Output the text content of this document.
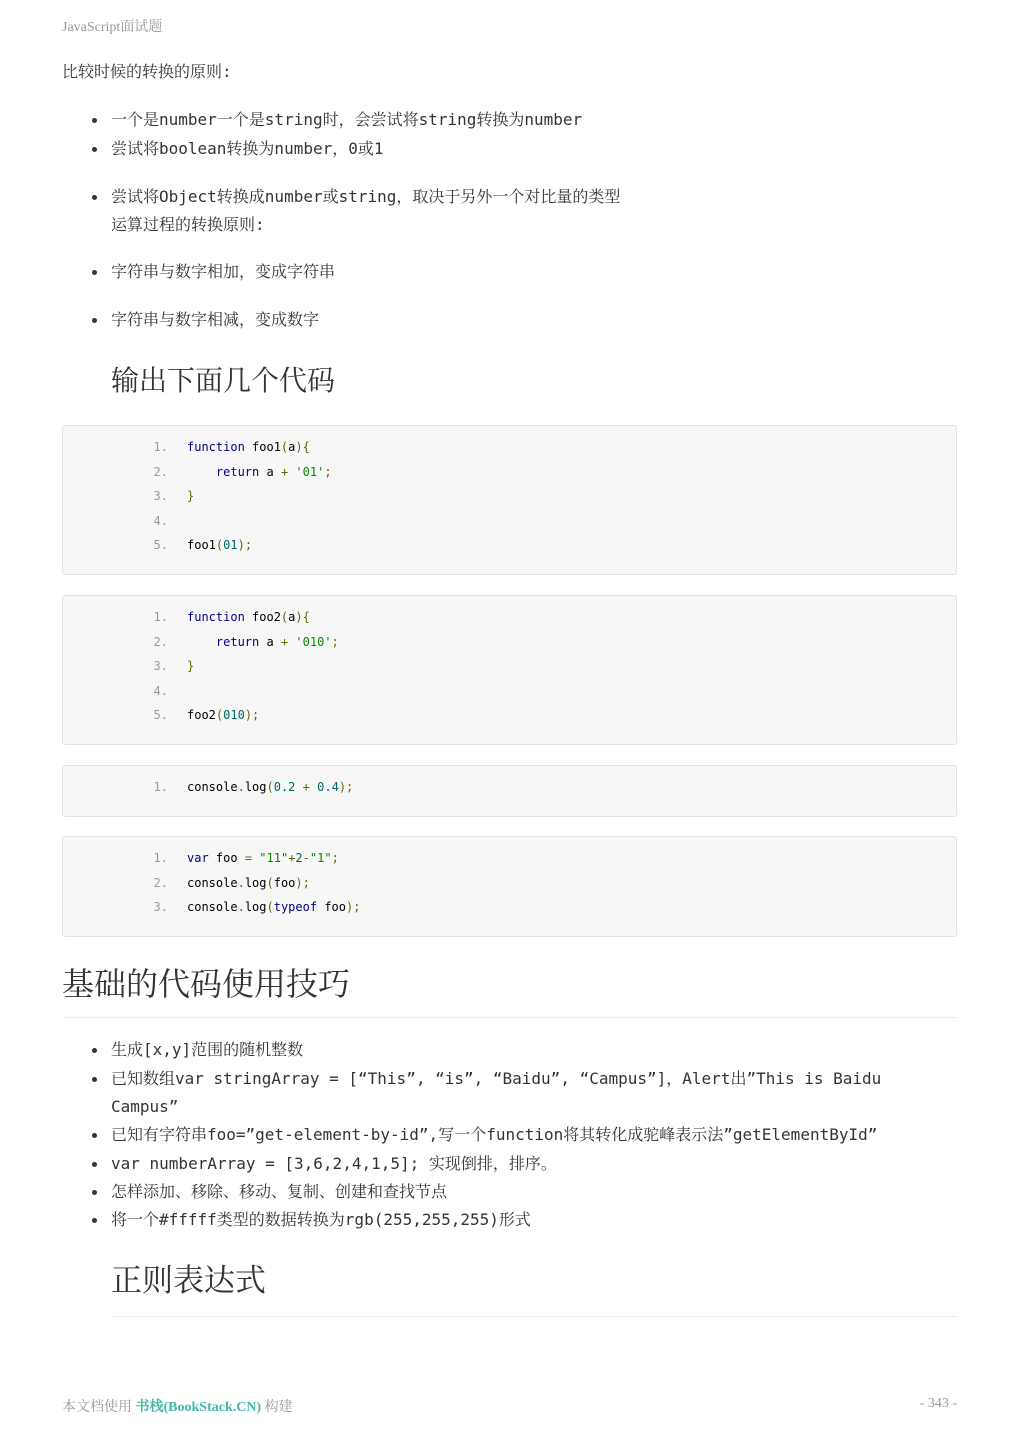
JavaScript面试题
比较时候的转换的原则:
一个是number一个是string时，会尝试将string转换为number
尝试将boolean转换为number，0或1
尝试将Object转换成number或string，取决于另外一个对比量的类型
运算过程的转换原则:
字符串与数字相加，变成字符串
字符串与数字相减，变成数字
输出下面几个代码
1.	function foo1(a){
2.	return a + '01';
3.	}
4.
5.	foo1(01);
1.	function foo2(a){
2.	return a + '010';
3.	}
4.
5.	foo2(010);
1.	console.log(0.2 + 0.4);
1.	var foo = "11"+2-"1";
2.	console.log(foo);
3.	console.log(typeof foo);
基础的代码使用技巧
生成[x,y]范围的随机整数
已知数组var stringArray = [“This”, “is”, “Baidu”, “Campus”]，Alert出”This is Baidu
Campus”
已知有字符串foo=”get-element-by-id”,写一个function将其转化成驼峰表示法”getElementById”
var numberArray = [3,6,2,4,1,5]; 实现倒排，排序。
怎样添加、移除、移动、复制、创建和查找节点
将一个#fffff类型的数据转换为rgb(255,255,255)形式
正则表达式
本文档使用 书栈(BookStack.CN) 构建	- 343 -
